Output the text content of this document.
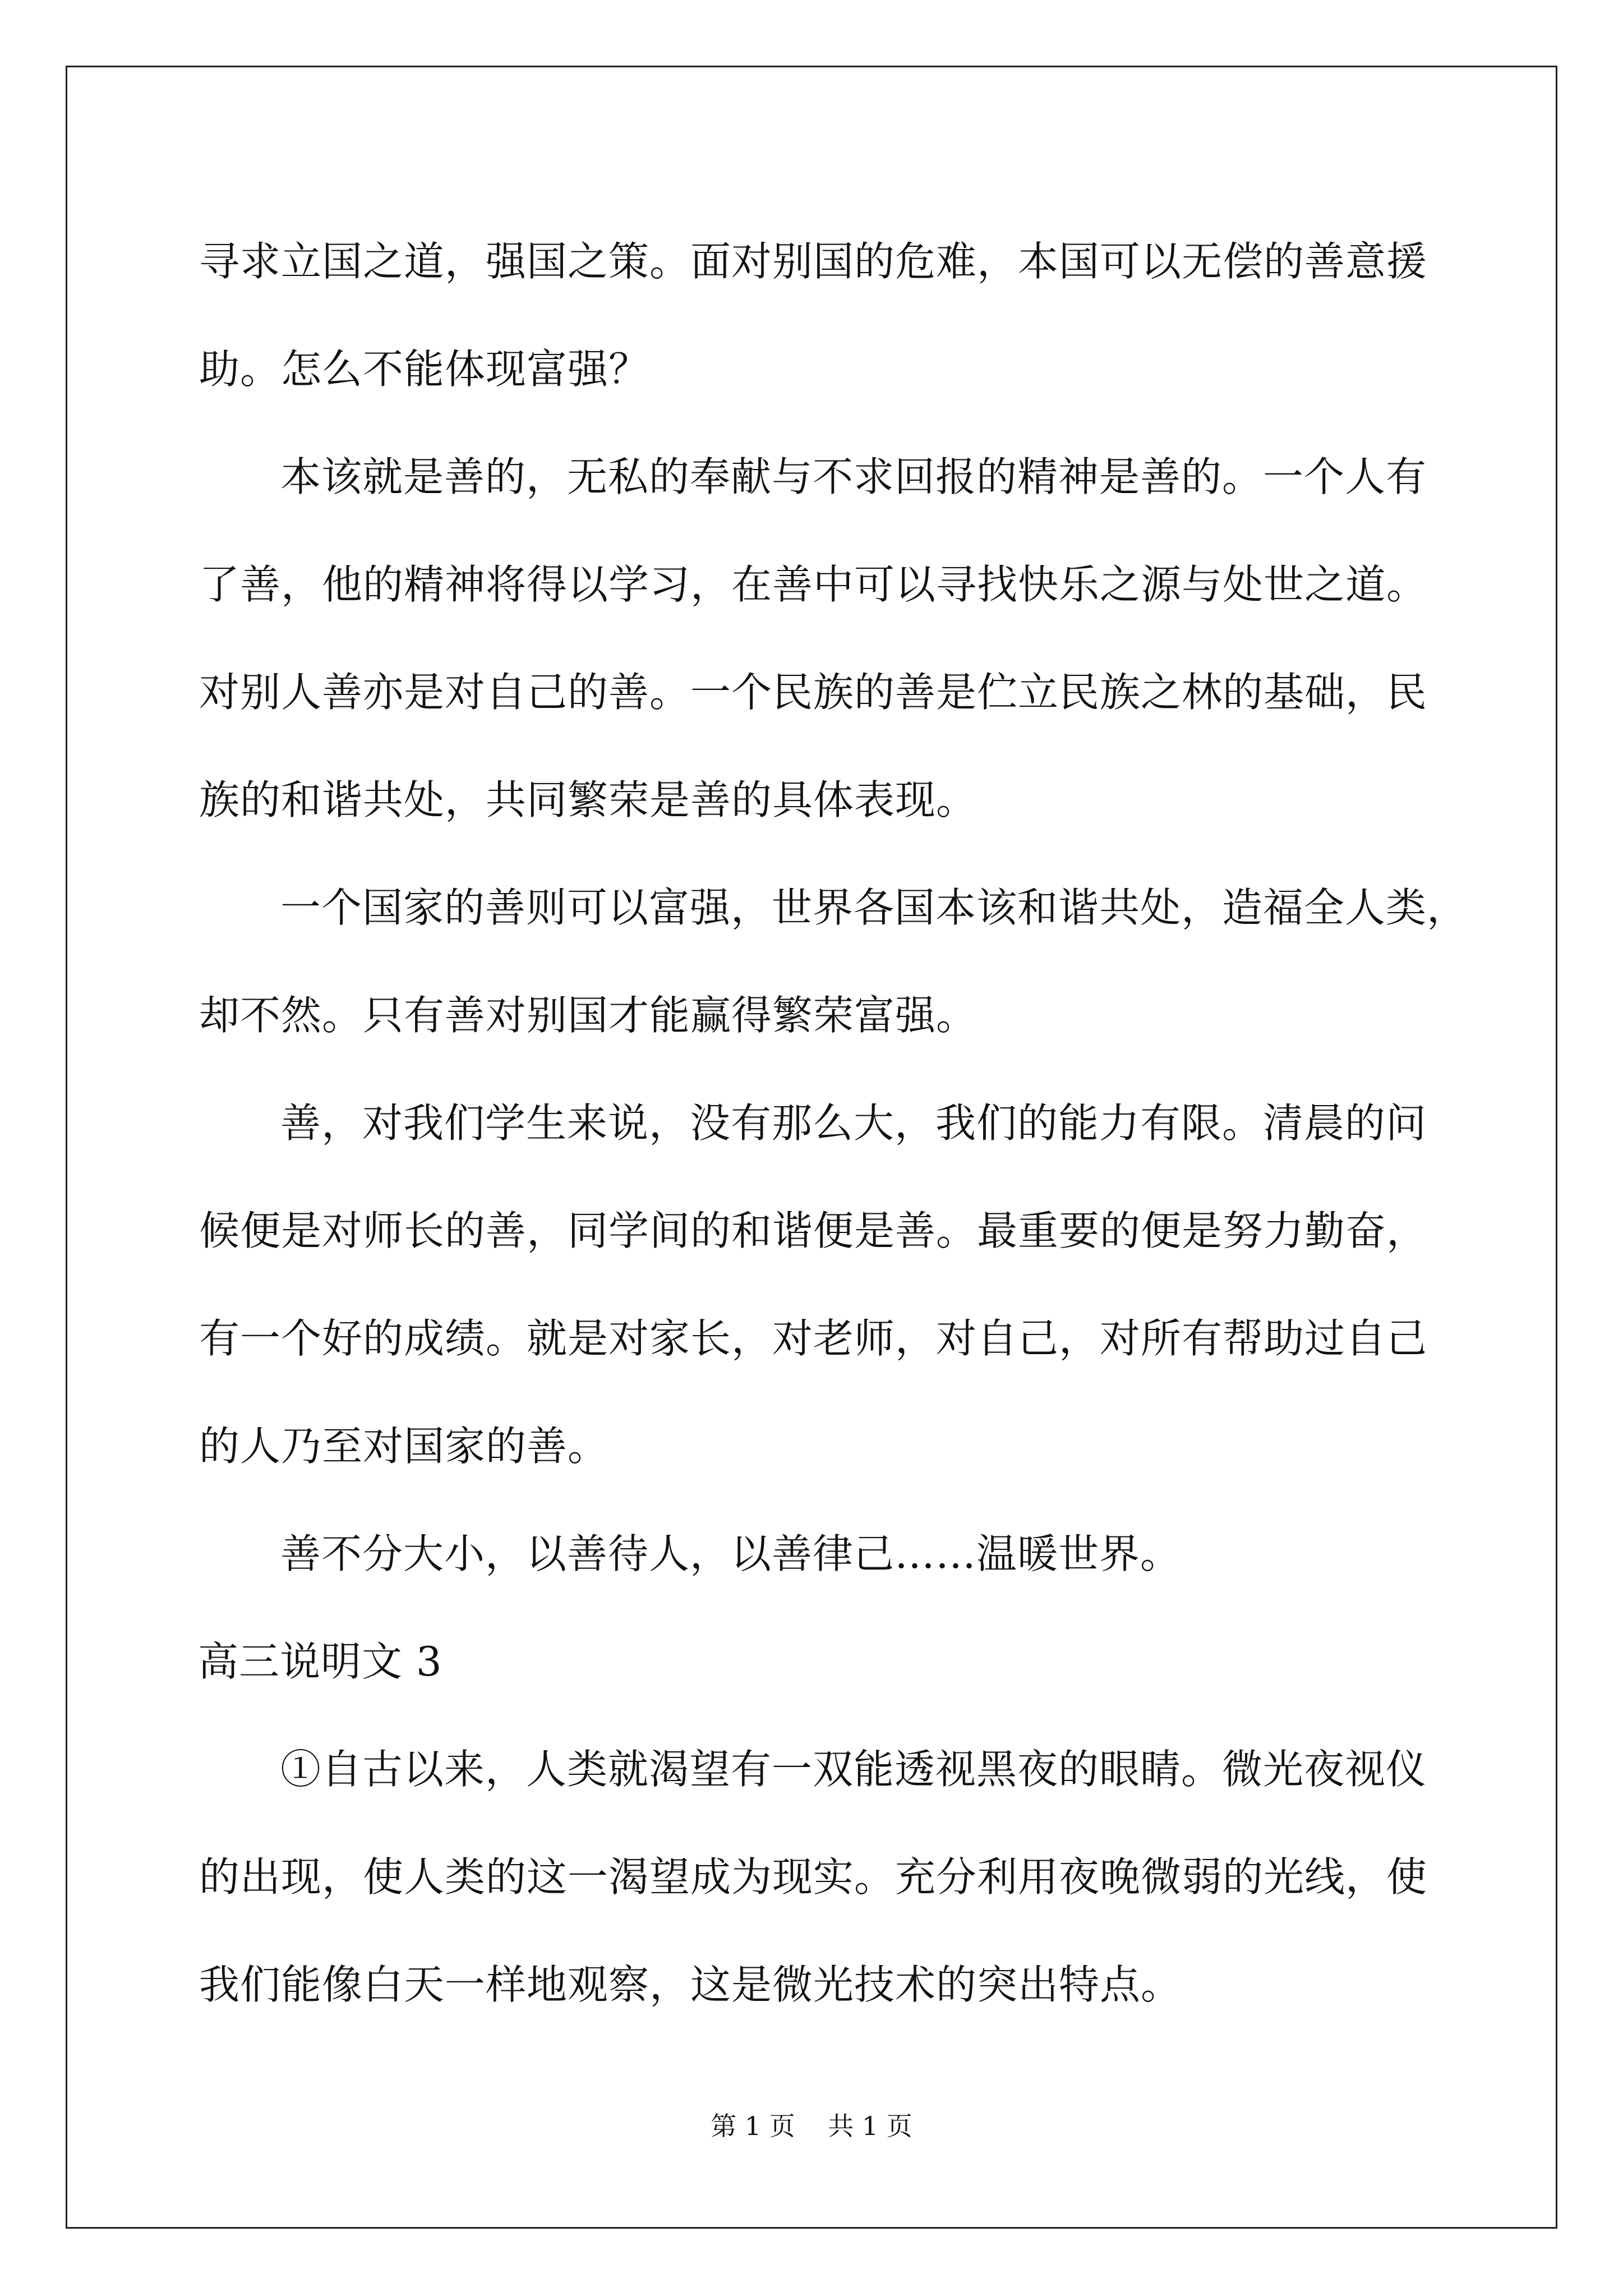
寻求立国之道，强国之策。面对别国的危难，本国可以无偿的善意援
助。怎么不能体现富强？
本该就是善的，无私的奉献与不求回报的精神是善的。一个人有
了善，他的精神将得以学习，在善中可以寻找快乐之源与处世之道。
对别人善亦是对自己的善。一个民族的善是伫立民族之林的基础，民
族的和谐共处，共同繁荣是善的具体表现。
一个国家的善则可以富强，世界各国本该和谐共处，造福全人类，
却不然。只有善对别国才能赢得繁荣富强。
善，对我们学生来说，没有那么大，我们的能力有限。清晨的问
候便是对师长的善，同学间的和谐便是善。最重要的便是努力勤奋，
有一个好的成绩。就是对家长，对老师，对自己，对所有帮助过自己
的人乃至对国家的善。
善不分大小，以善待人，以善律己……温暖世界。
高三说明文 3
①自古以来，人类就渴望有一双能透视黑夜的眼睛。微光夜视仪
的出现，使人类的这一渴望成为现实。充分利用夜晚微弱的光线，使
我们能像白天一样地观察，这是微光技术的突出特点。
第 1 页    共 1 页
